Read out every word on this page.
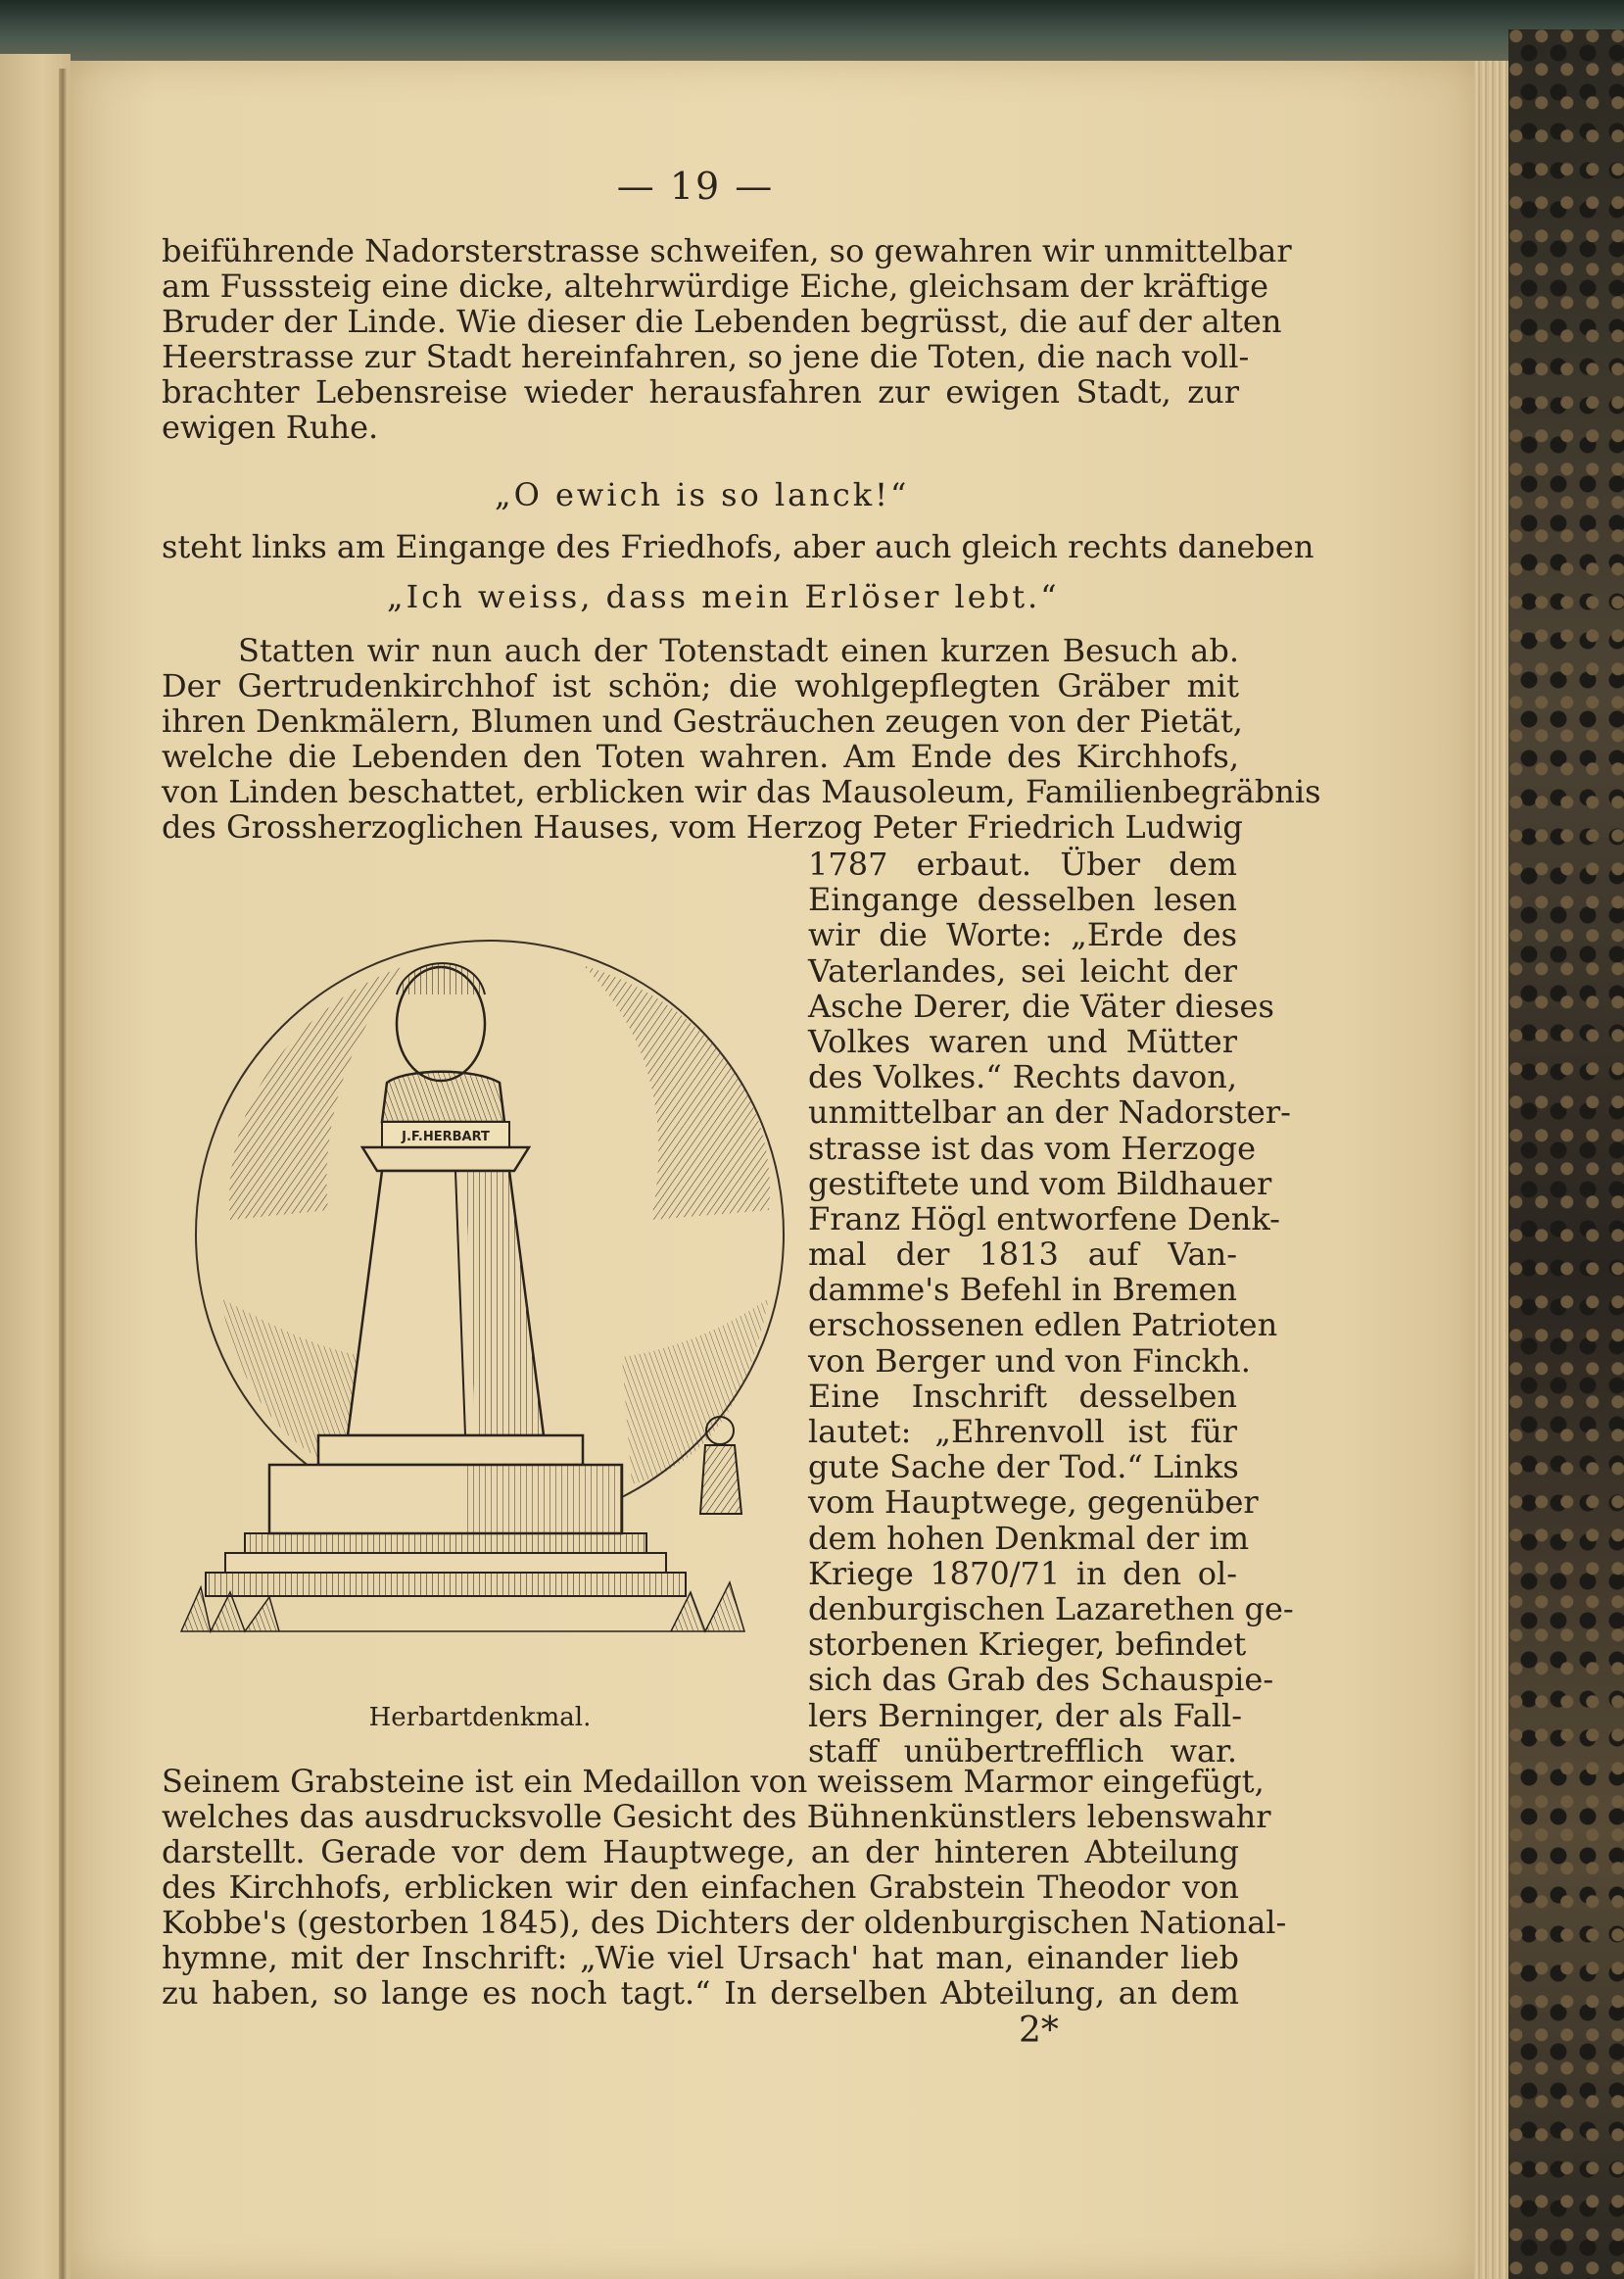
— 19 —
beiführende Nadorsterstrasse schweifen, so gewahren wir unmittelbar
am Fusssteig eine dicke, altehrwürdige Eiche, gleichsam der kräftige
Bruder der Linde. Wie dieser die Lebenden begrüsst, die auf der alten
Heerstrasse zur Stadt hereinfahren, so jene die Toten, die nach voll-
brachter Lebensreise wieder herausfahren zur ewigen Stadt, zur
ewigen Ruhe.
„O ewich is so lanck!“
steht links am Eingange des Friedhofs, aber auch gleich rechts daneben
„Ich weiss, dass mein Erlöser lebt.“
Statten wir nun auch der Totenstadt einen kurzen Besuch ab.
Der Gertrudenkirchhof ist schön; die wohlgepflegten Gräber mit
ihren Denkmälern, Blumen und Gesträuchen zeugen von der Pietät,
welche die Lebenden den Toten wahren. Am Ende des Kirchhofs,
von Linden beschattet, erblicken wir das Mausoleum, Familienbegräbnis
des Grossherzoglichen Hauses, vom Herzog Peter Friedrich Ludwig
1787 erbaut. Über dem
Eingange desselben lesen
wir die Worte: „Erde des
Vaterlandes, sei leicht der
Asche Derer, die Väter dieses
Volkes waren und Mütter
des Volkes.“ Rechts davon,
unmittelbar an der Nadorster-
strasse ist das vom Herzoge
gestiftete und vom Bildhauer
Franz Högl entworfene Denk-
mal der 1813 auf Van-
damme's Befehl in Bremen
erschossenen edlen Patrioten
von Berger und von Finckh.
Eine Inschrift desselben
lautet: „Ehrenvoll ist für
gute Sache der Tod.“ Links
vom Hauptwege, gegenüber
dem hohen Denkmal der im
Kriege 1870/71 in den ol-
denburgischen Lazarethen ge-
storbenen Krieger, befindet
sich das Grab des Schauspie-
lers Berninger, der als Fall-
staff unübertrefflich war.
J.F.HERBART
Herbartdenkmal.
Seinem Grabsteine ist ein Medaillon von weissem Marmor eingefügt,
welches das ausdrucksvolle Gesicht des Bühnenkünstlers lebenswahr
darstellt. Gerade vor dem Hauptwege, an der hinteren Abteilung
des Kirchhofs, erblicken wir den einfachen Grabstein Theodor von
Kobbe's (gestorben 1845), des Dichters der oldenburgischen National-
hymne, mit der Inschrift: „Wie viel Ursach' hat man, einander lieb
zu haben, so lange es noch tagt.“ In derselben Abteilung, an dem
2*
